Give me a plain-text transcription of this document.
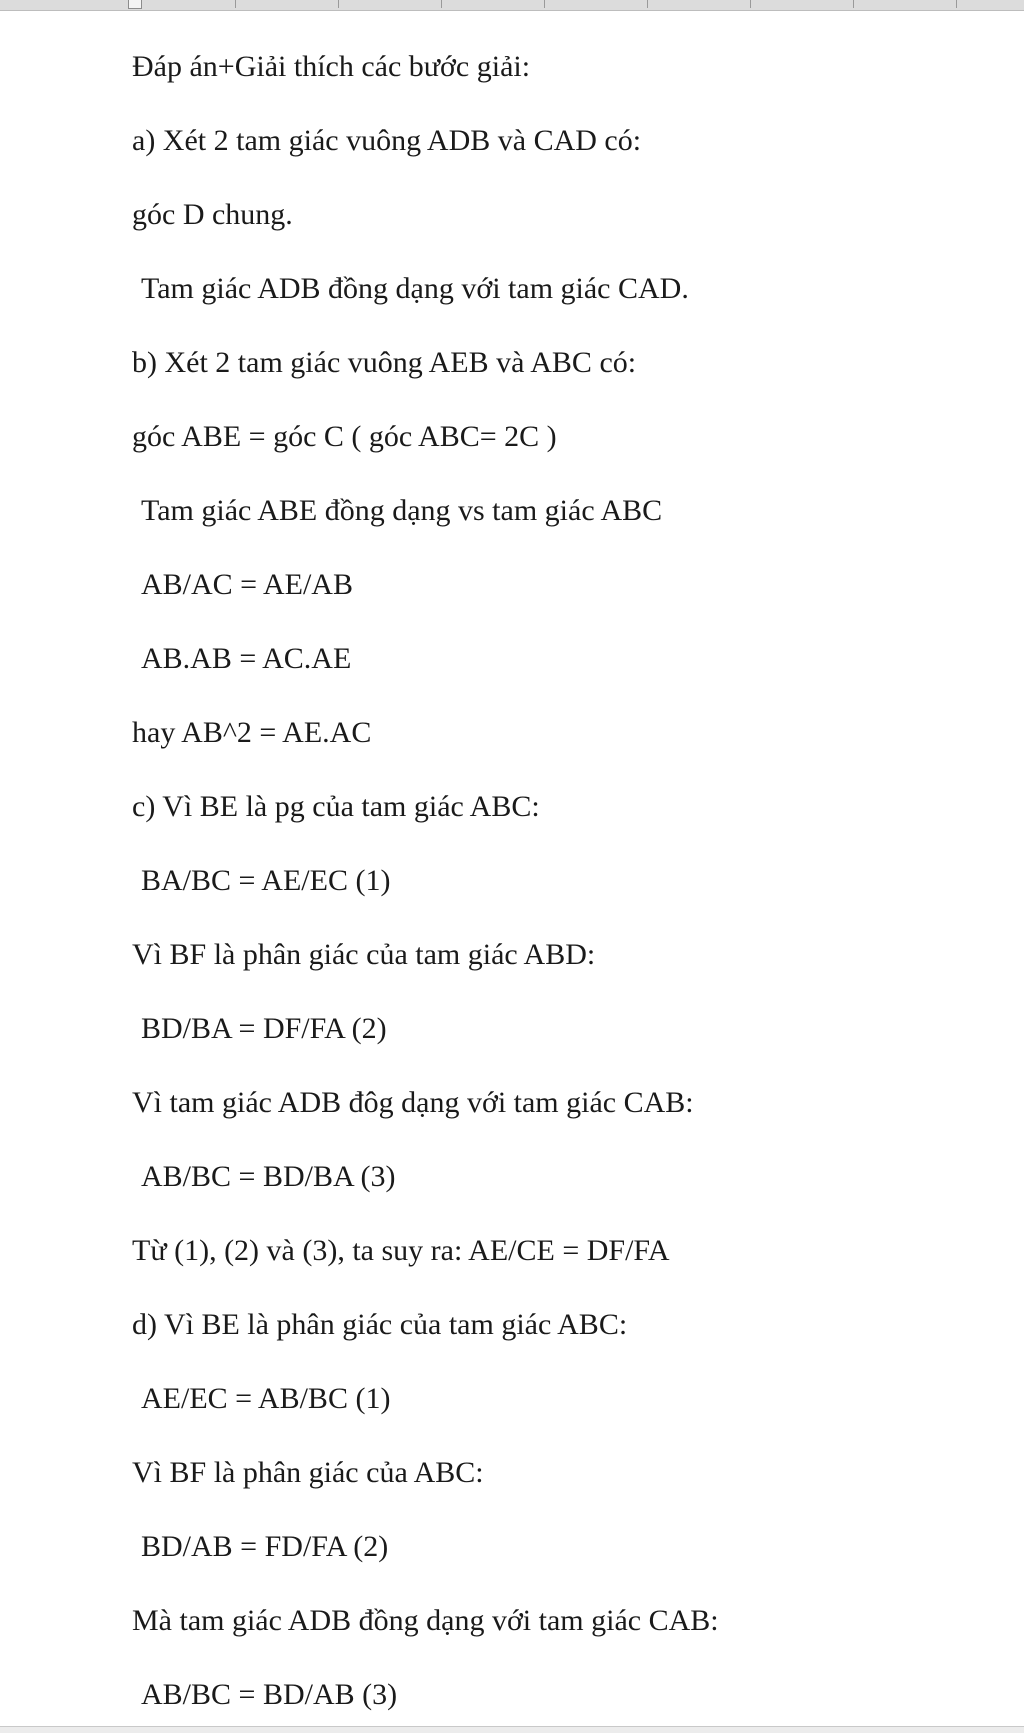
Đáp án+Giải thích các bước giải:

a) Xét 2 tam giác vuông ADB và CAD có:

góc D chung.

Tam giác ADB đồng dạng với tam giác CAD.

b) Xét 2 tam giác vuông AEB và ABC có:

góc ABE = góc C ( góc ABC= 2C )

Tam giác ABE đồng dạng vs tam giác ABC

AB/AC = AE/AB

AB.AB = AC.AE

hay AB^2 = AE.AC

c) Vì BE là pg của tam giác ABC:

BA/BC = AE/EC (1)

Vì BF là phân giác của tam giác ABD:

BD/BA = DF/FA (2)

Vì tam giác ADB đôg dạng với tam giác CAB:

AB/BC = BD/BA (3)

Từ (1), (2) và (3), ta suy ra: AE/CE = DF/FA

d) Vì BE là phân giác của tam giác ABC:

AE/EC = AB/BC (1)

Vì BF là phân giác của ABC:

BD/AB = FD/FA (2)

Mà tam giác ADB đồng dạng với tam giác CAB:

AB/BC = BD/AB (3)
